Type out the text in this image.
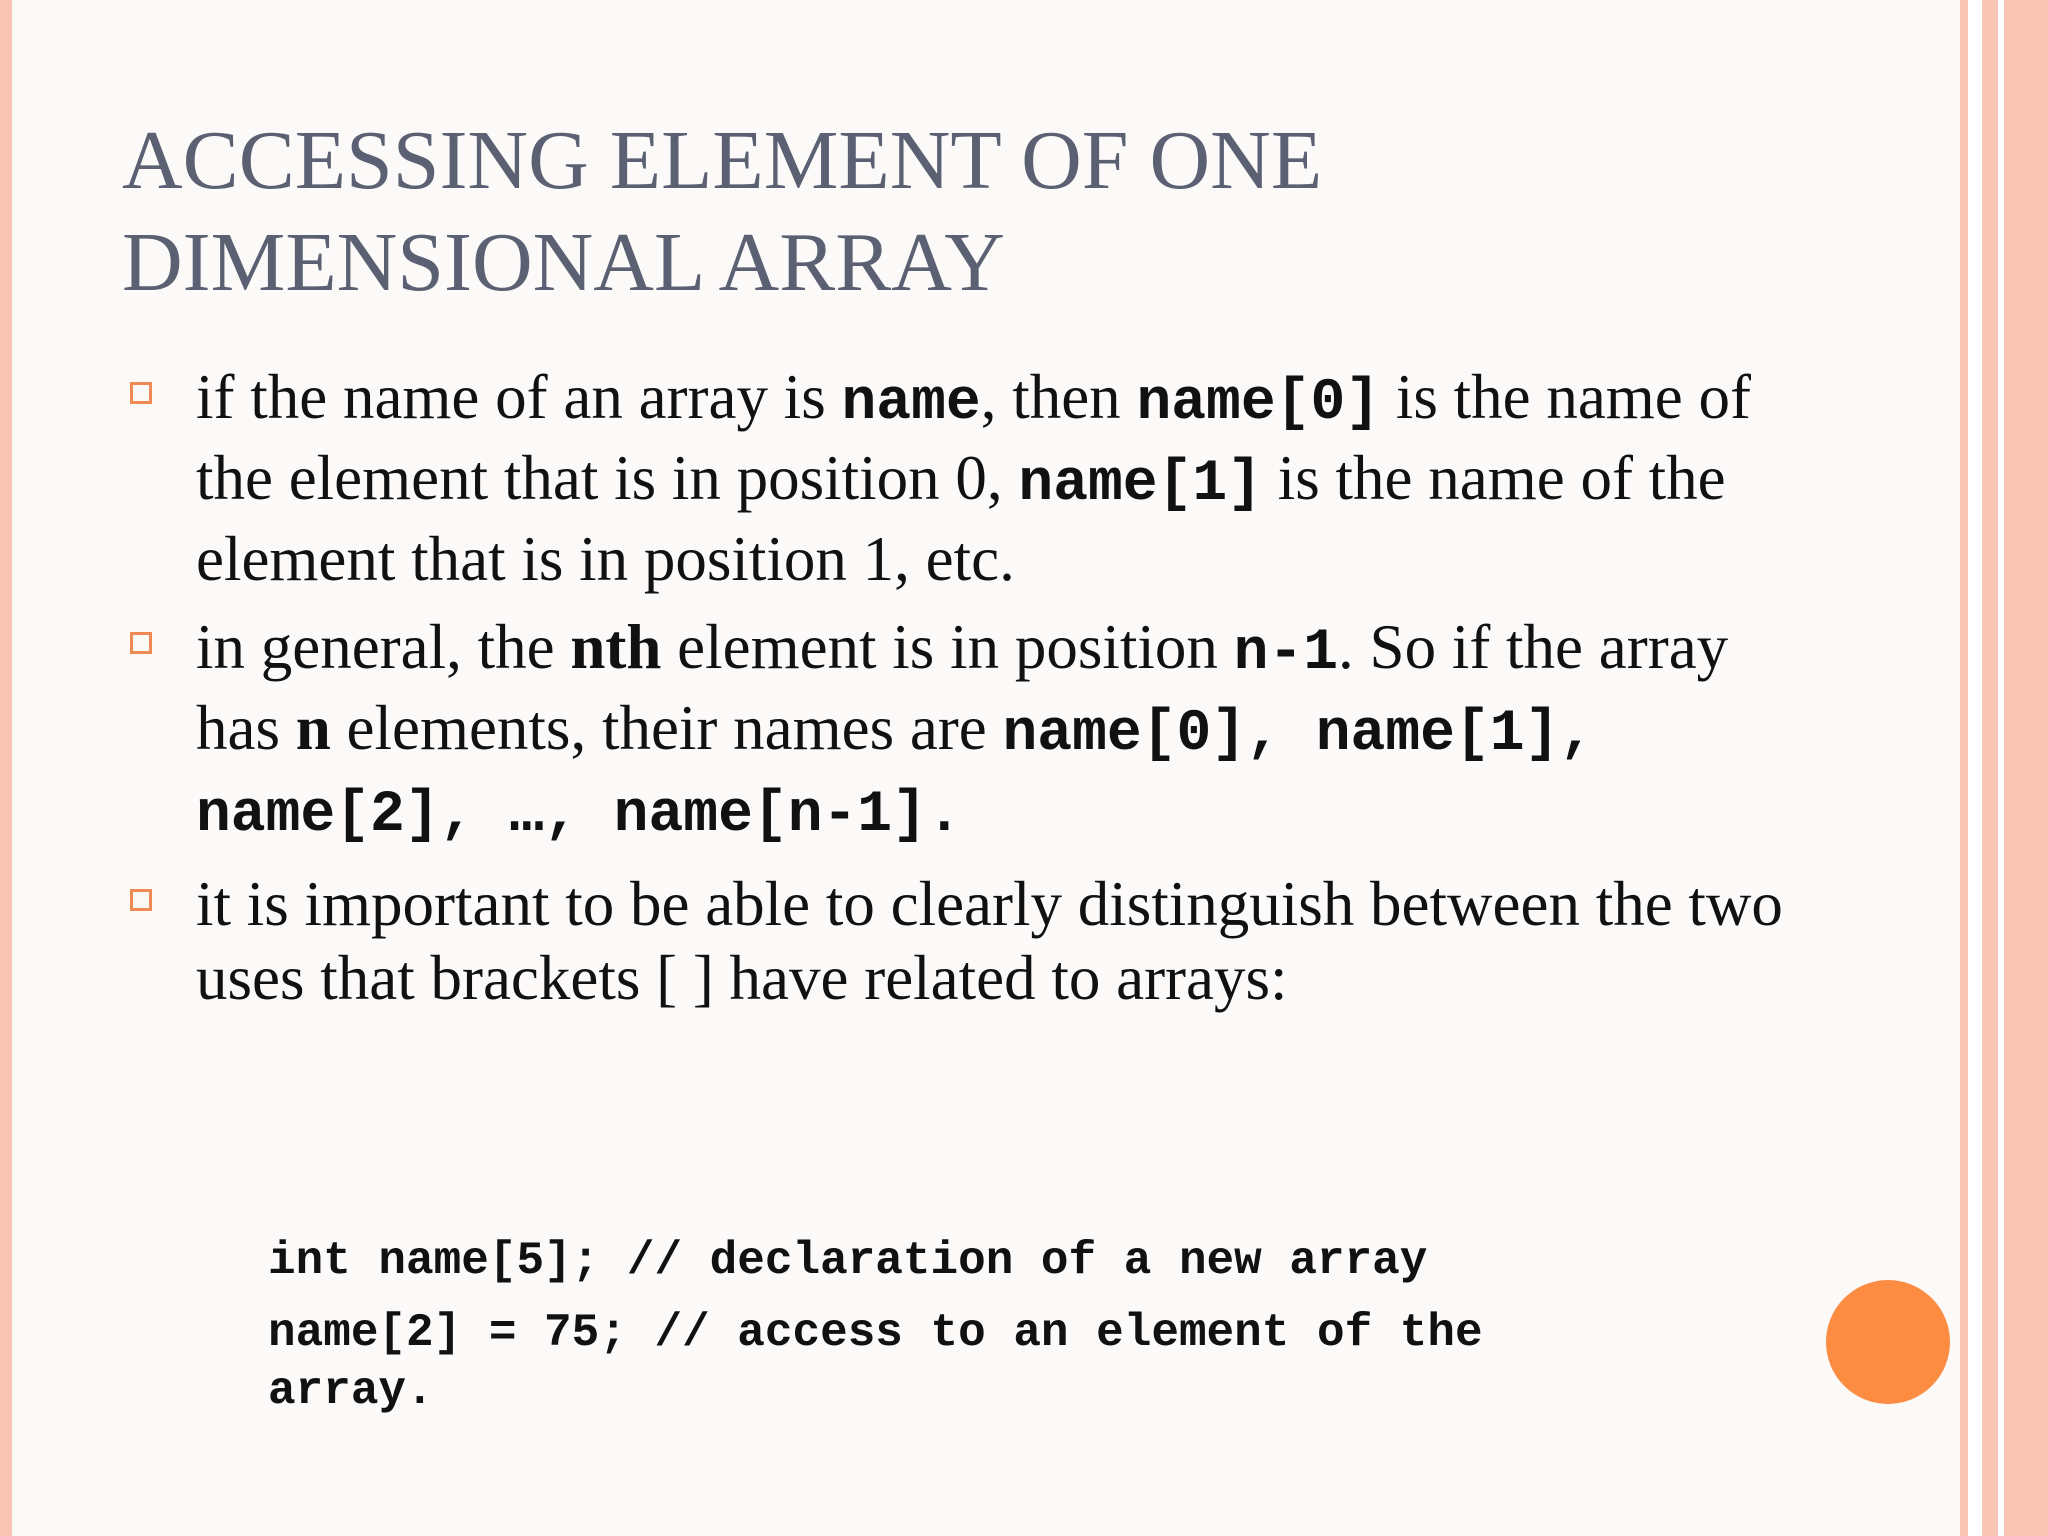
ACCESSING ELEMENT OF ONE
DIMENSIONAL ARRAY
if the name of an array is name, then name[0] is the name of the element that is in position 0, name[1] is the name of the element that is in position 1, etc.
in general, the nth element is in position n-1. So if the array has n elements, their names are name[0], name[1], name[2], …, name[n-1].
it is important to be able to clearly distinguish between the two uses that brackets [ ] have related to arrays:
int name[5]; // declaration of a new array
name[2] = 75; // access to an element of the
array.
